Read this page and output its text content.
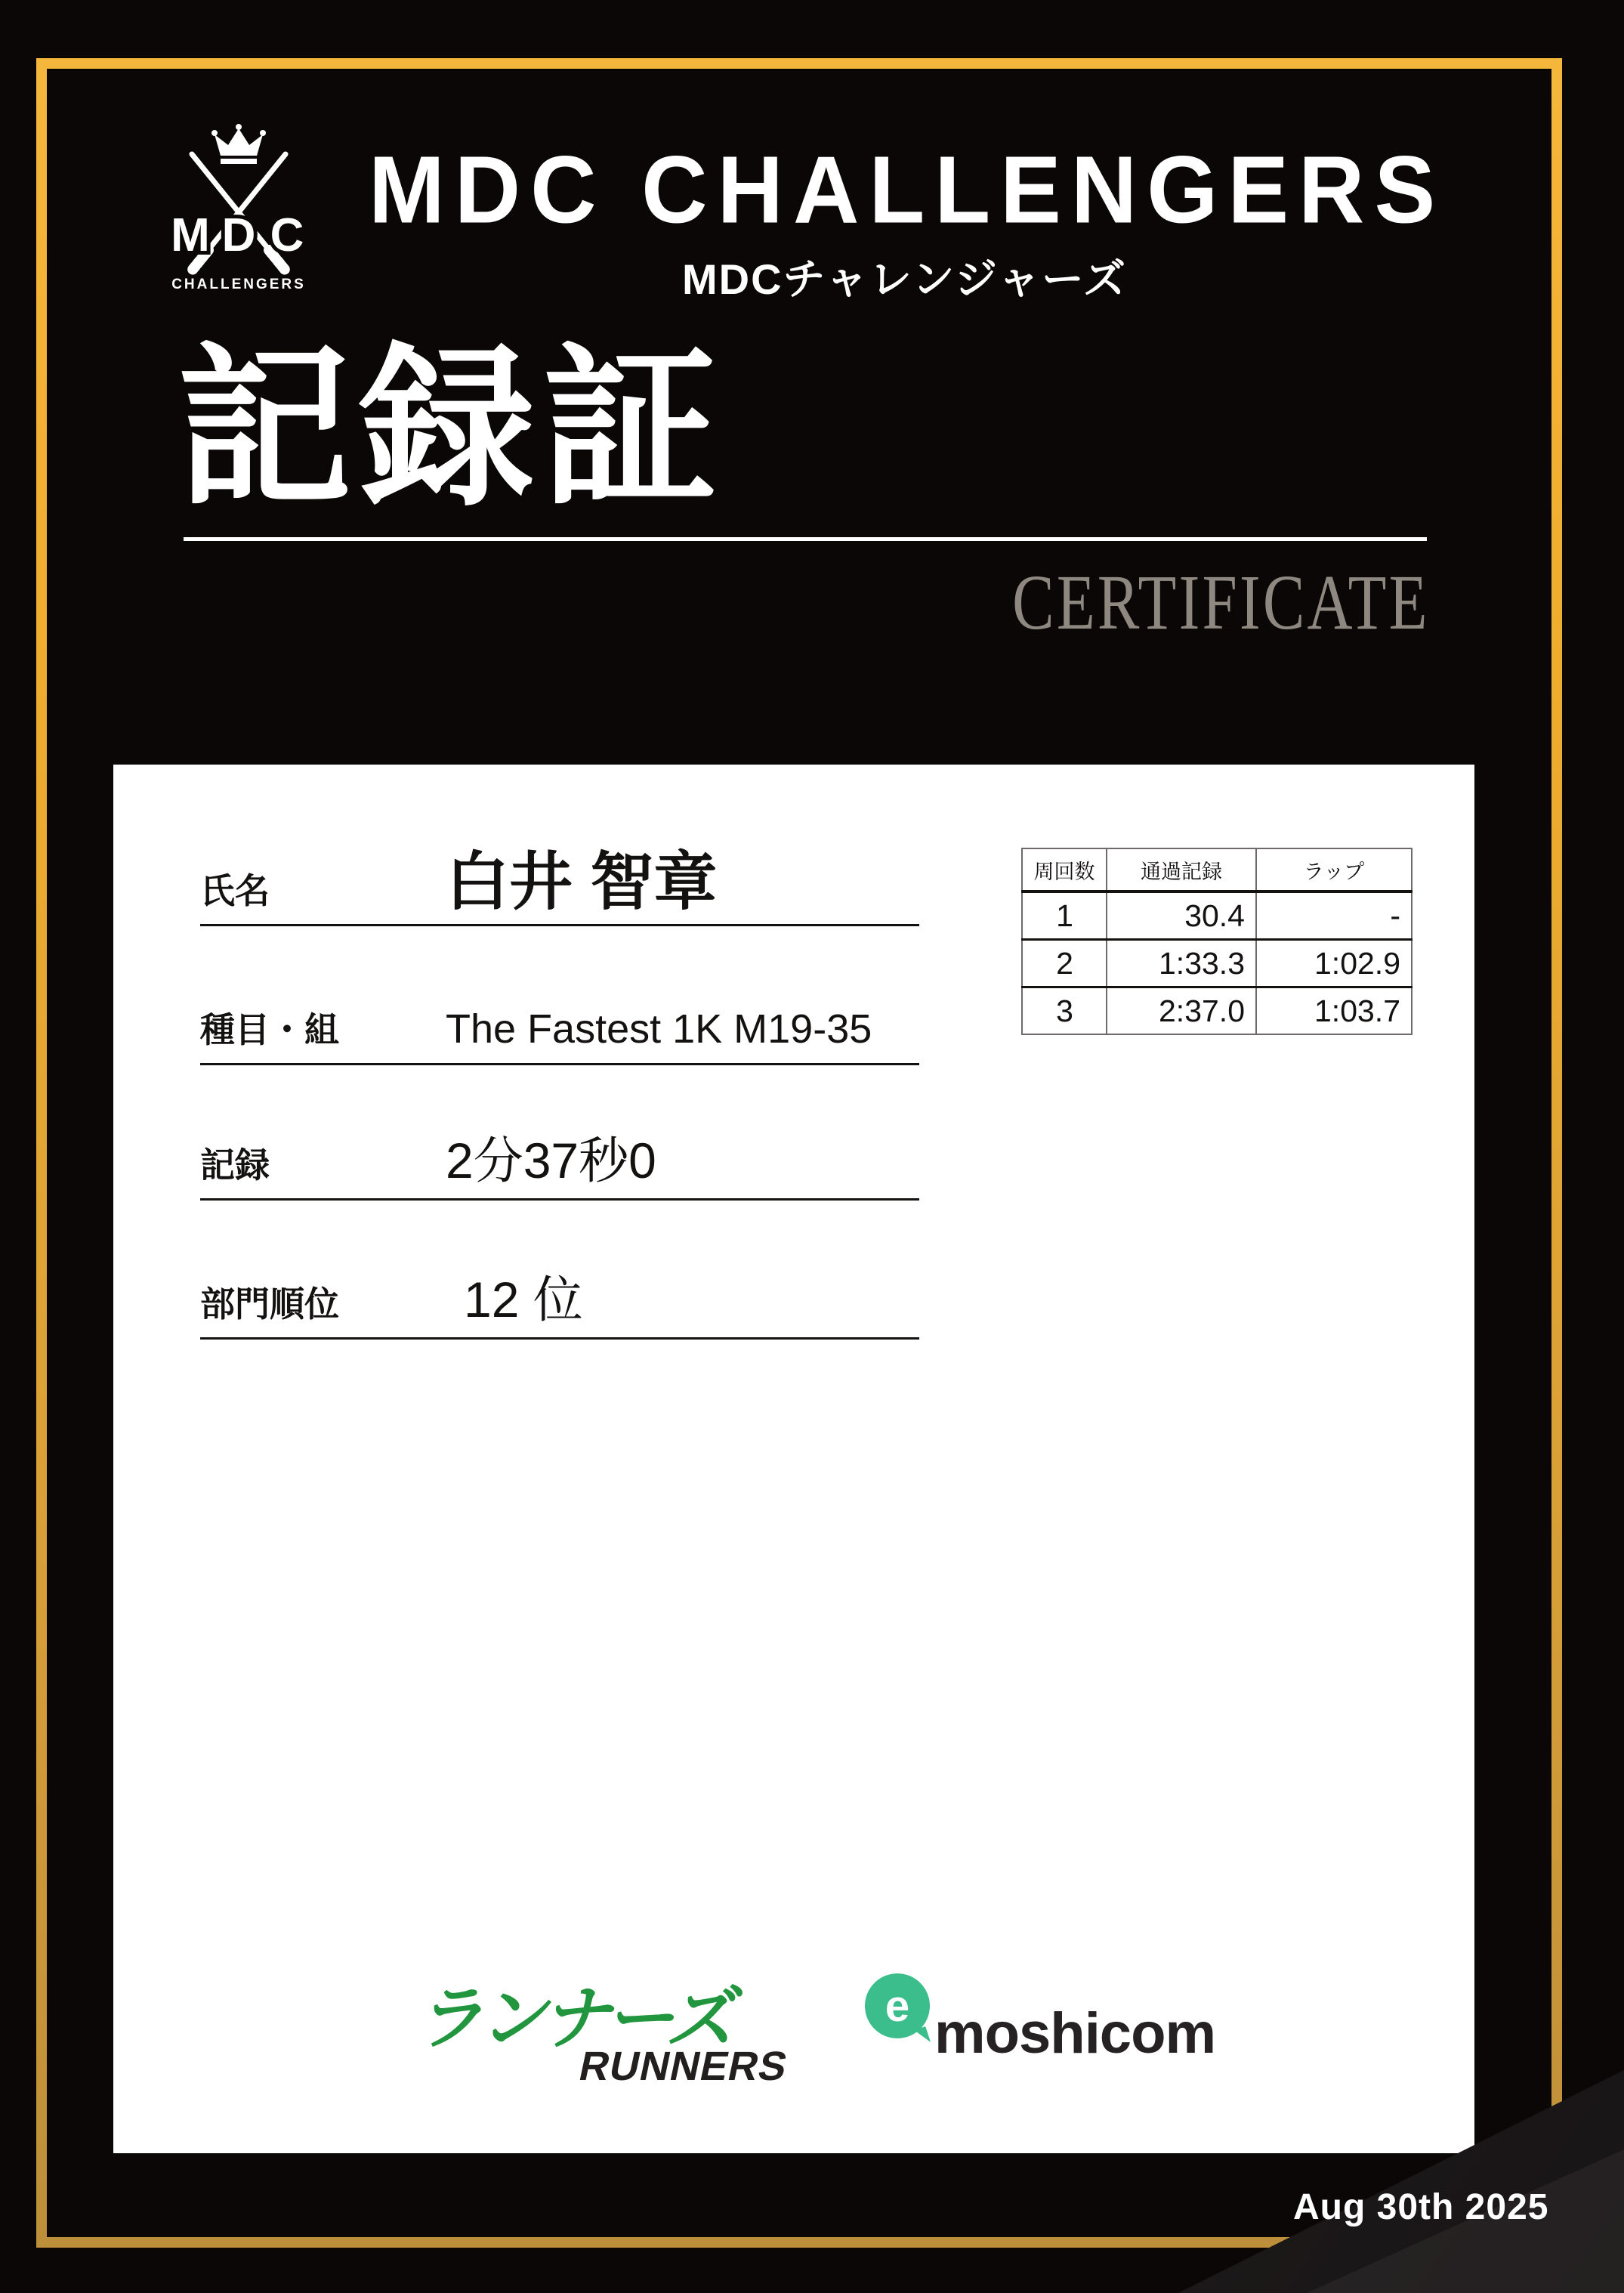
M D C
CHALLENGERS
MDC CHALLENGERS
MDCチャレンジャーズ
記録証
CERTIFICATE
氏名	白井 智章
種目・組	The Fastest 1K M19-35
記録	2分37秒0
部門順位	12 位
周回数	通過記録	ラップ
1	30.4	-
2	1:33.3	1:02.9
3	2:37.0	1:03.7
ランナーズ
RUNNERS
e moshicom
Aug 30th 2025
